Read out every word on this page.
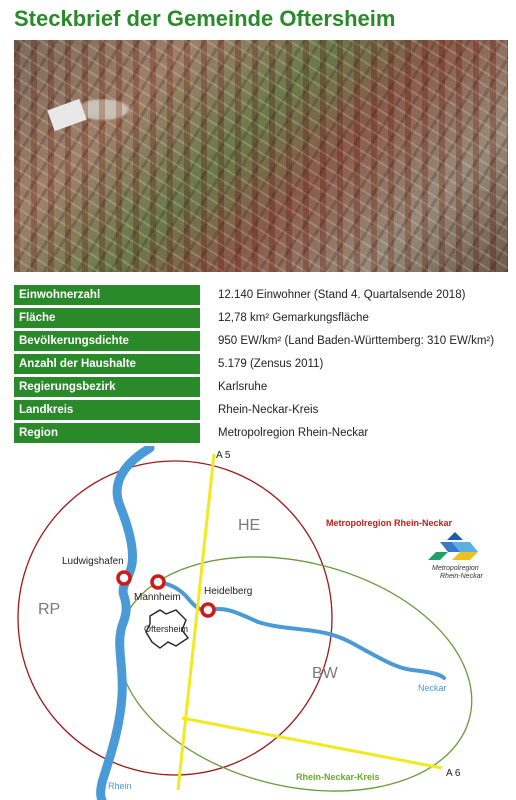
Steckbrief der Gemeinde Oftersheim
Einwohnerzahl	12.140 Einwohner (Stand 4. Quartalsende 2018)
Fläche	12,78 km² Gemarkungsfläche
Bevölkerungsdichte	950 EW/km² (Land Baden-Württemberg: 310 EW/km²)
Anzahl der Haushalte	5.179 (Zensus 2011)
Regierungsbezirk	Karlsruhe
Landkreis	Rhein-Neckar-Kreis
Region	Metropolregion Rhein-Neckar
Ludwigshafen
Mannheim
Heidelberg
Oftersheim
HE
RP
BW
A 5
A 6
Rhein
Neckar
Rhein-Neckar-Kreis
Metropolregion Rhein-Neckar
Metropolregion
Rhein-Neckar
